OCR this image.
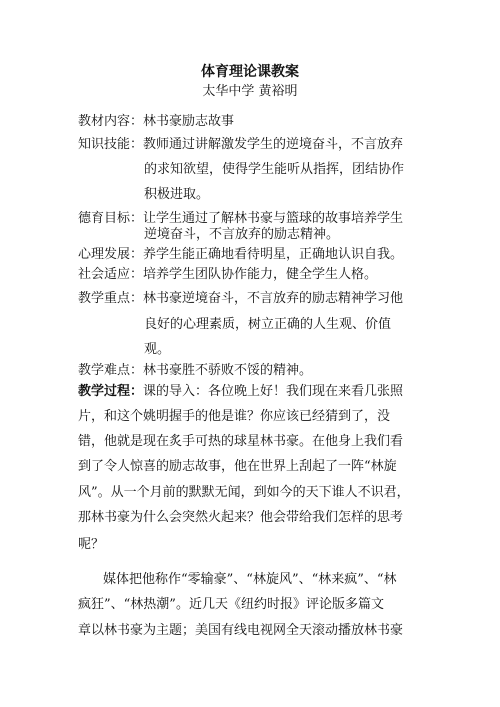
体育理论课教案
太华中学 黄裕明
教材内容：林书豪励志故事
知识技能：教师通过讲解激发学生的逆境奋斗，不言放弃
的求知欲望，使得学生能听从指挥，团结协作
积极进取。
德育目标：让学生通过了解林书豪与篮球的故事培养学生
逆境奋斗，不言放弃的励志精神。
心理发展：养学生能正确地看待明星，正确地认识自我。
社会适应：培养学生团队协作能力，健全学生人格。
教学重点：林书豪逆境奋斗，不言放弃的励志精神学习他
良好的心理素质，树立正确的人生观、价值
观。
教学难点：林书豪胜不骄败不馁的精神。
教学过程：课的导入：各位晚上好！我们现在来看几张照
片，和这个姚明握手的他是谁？你应该已经猜到了，没
错，他就是现在炙手可热的球星林书豪。在他身上我们看
到了令人惊喜的励志故事，他在世界上刮起了一阵“林旋
风”。从一个月前的默默无闻，到如今的天下谁人不识君，
那林书豪为什么会突然火起来？他会带给我们怎样的思考
呢？
媒体把他称作“零输豪”、“林旋风”、“林来疯”、“林
疯狂”、“林热潮”。近几天《纽约时报》评论版多篇文
章以林书豪为主题；美国有线电视网全天滚动播放林书豪
